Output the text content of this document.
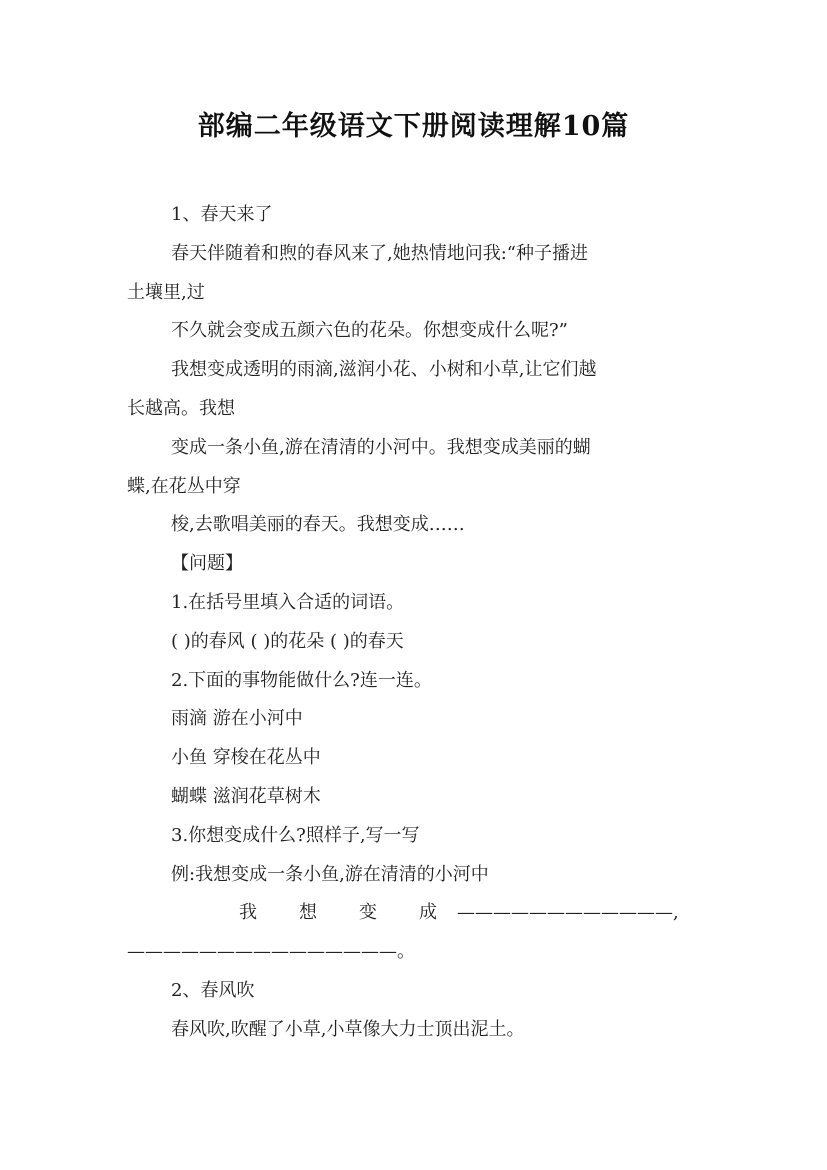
部编二年级语文下册阅读理解10篇
1、春天来了
春天伴随着和煦的春风来了,她热情地问我:“种子播进
土壤里,过
不久就会变成五颜六色的花朵。你想变成什么呢?”
我想变成透明的雨滴,滋润小花、小树和小草,让它们越
长越高。我想
变成一条小鱼,游在清清的小河中。我想变成美丽的蝴
蝶,在花丛中穿
梭,去歌唱美丽的春天。我想变成……
【问题】
1.在括号里填入合适的词语。
( )的春风 ( )的花朵 ( )的春天
2.下面的事物能做什么?连一连。
雨滴 游在小河中
小鱼 穿梭在花丛中
蝴蝶 滋润花草树木
3.你想变成什么?照样子,写一写
例:我想变成一条小鱼,游在清清的小河中
我想变成
————————————,
———————————————。
2、春风吹
春风吹,吹醒了小草,小草像大力士顶出泥土。
